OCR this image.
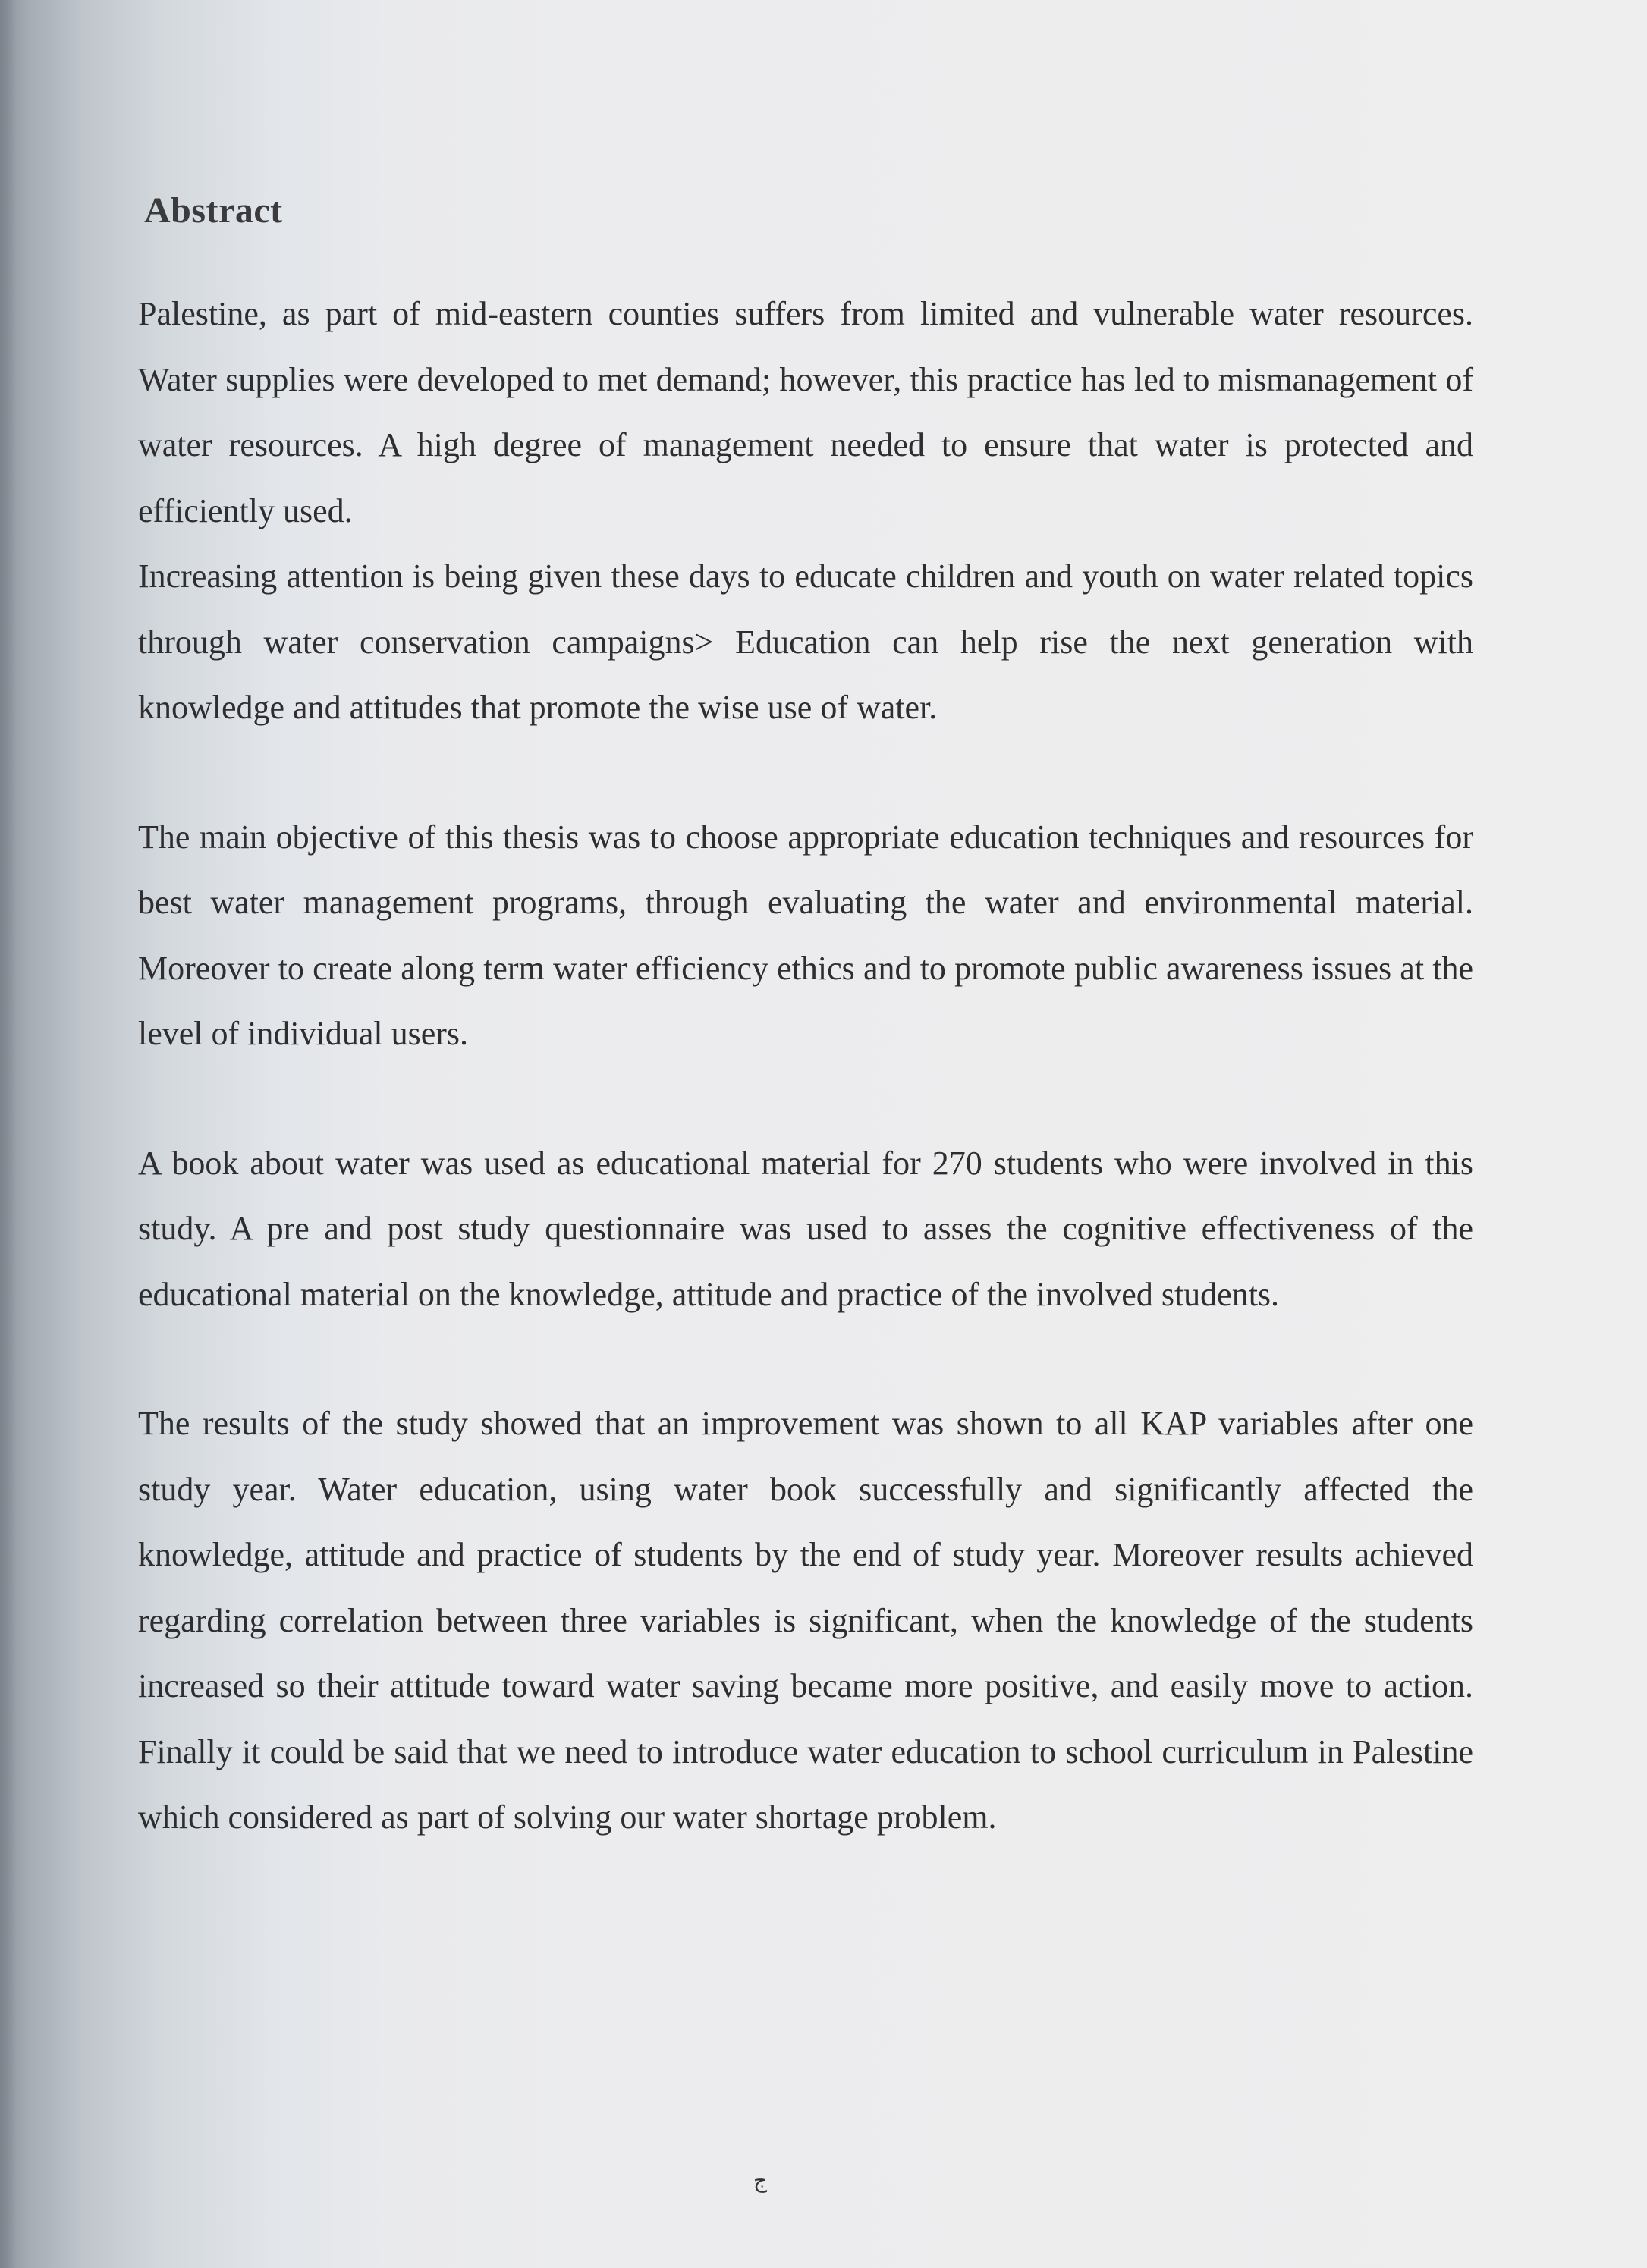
Abstract

Palestine, as part of mid-eastern counties suffers from limited and vulnerable water resources. Water supplies were developed to met demand; however, this practice has led to mismanagement of water resources. A high degree of management needed to ensure that water is protected and efficiently used.

Increasing attention is being given these days to educate children and youth on water related topics through water conservation campaigns> Education can help rise the next generation with knowledge and attitudes that promote the wise use of water.

The main objective of this thesis was to choose appropriate education techniques and resources for best water management programs, through evaluating the water and environmental material. Moreover to create along term water efficiency ethics and to promote public awareness issues at the level of individual users.

A book about water was used as educational material for 270 students who were involved in this study. A pre and post study questionnaire was used to asses the cognitive effectiveness of the educational material on the knowledge, attitude and practice of the involved students.

The results of the study showed that an improvement was shown to all KAP variables after one study year. Water education, using water book successfully and significantly affected the knowledge, attitude and practice of students by the end of study year. Moreover results achieved regarding correlation between three variables is significant, when the knowledge of the students increased so their attitude toward water saving became more positive, and easily move to action. Finally it could be said that we need to introduce water education to school curriculum in Palestine which considered as part of solving our water shortage problem.

ج
